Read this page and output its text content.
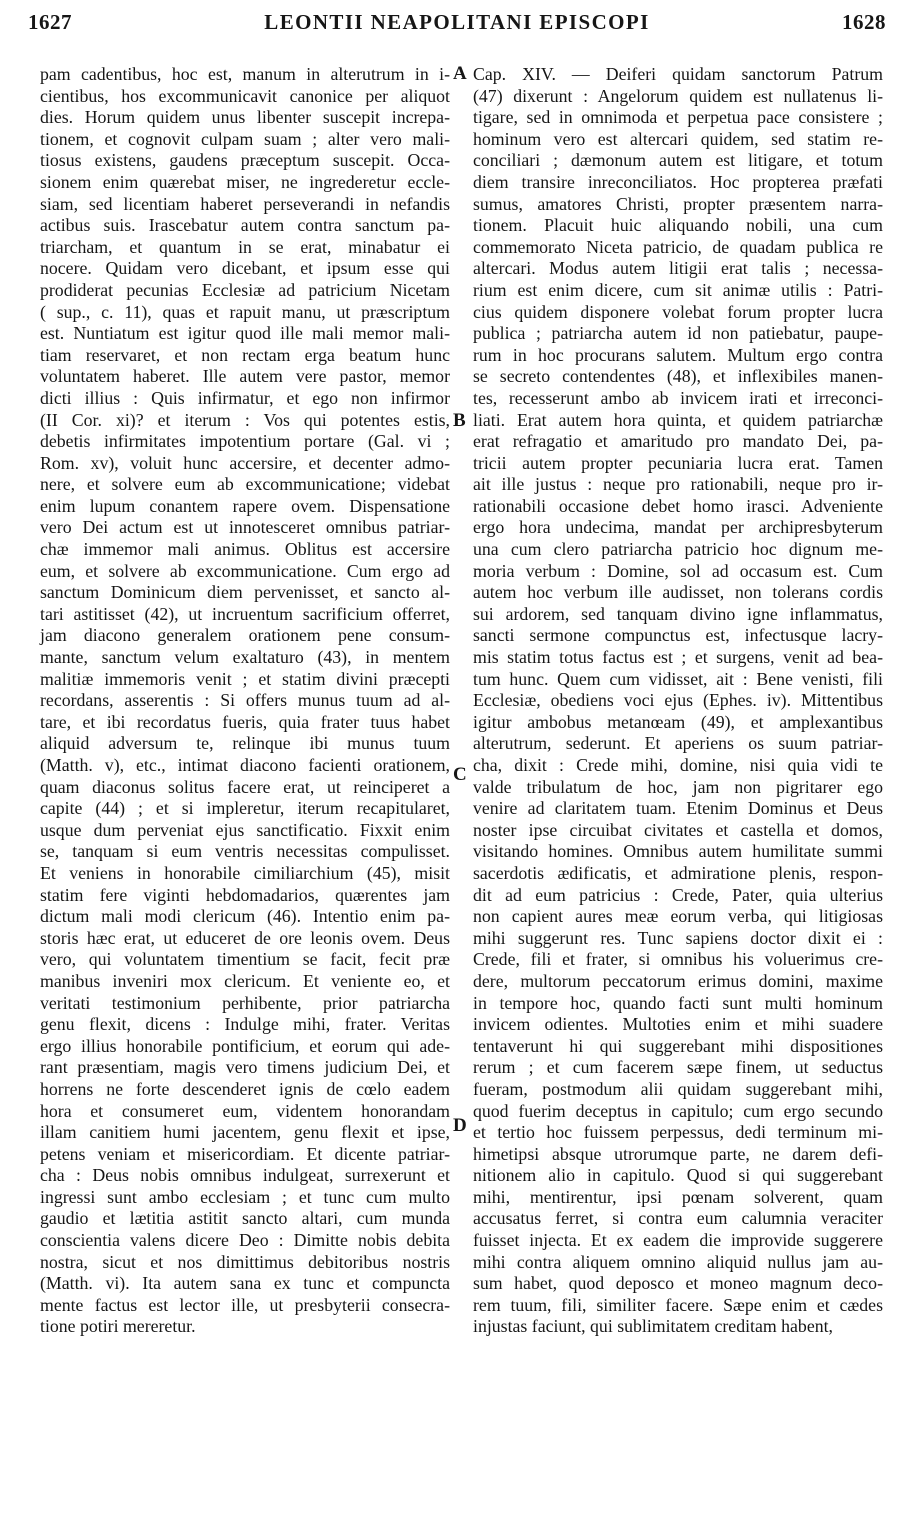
1627	LEONTII NEAPOLITANI EPISCOPI	1628
pam cadentibus, hoc est, manum in alterutrum in i-
cientibus, hos excommunicavit canonice per aliquot
dies. Horum quidem unus libenter suscepit increpa-
tionem, et cognovit culpam suam ; alter vero mali-
tiosus existens, gaudens præceptum suscepit. Occa-
sionem enim quærebat miser, ne ingrederetur eccle-
siam, sed licentiam haberet perseverandi in nefandis
actibus suis. Irascebatur autem contra sanctum pa-
triarcham, et quantum in se erat, minabatur ei
nocere. Quidam vero dicebant, et ipsum esse qui
prodiderat pecunias Ecclesiæ ad patricium Nicetam
( sup., c. 11), quas et rapuit manu, ut præscriptum
est. Nuntiatum est igitur quod ille mali memor mali-
tiam reservaret, et non rectam erga beatum hunc
voluntatem haberet. Ille autem vere pastor, memor
dicti illius : Quis infirmatur, et ego non infirmor
(II Cor. xi)? et iterum : Vos qui potentes estis,
debetis infirmitates impotentium portare (Gal. vi ;
Rom. xv), voluit hunc accersire, et decenter admo-
nere, et solvere eum ab excommunicatione; videbat
enim lupum conantem rapere ovem. Dispensatione
vero Dei actum est ut innotesceret omnibus patriar-
chæ immemor mali animus. Oblitus est accersire
eum, et solvere ab excommunicatione. Cum ergo ad
sanctum Dominicum diem pervenisset, et sancto al-
tari astitisset (42), ut incruentum sacrificium offerret,
jam diacono generalem orationem pene consum-
mante, sanctum velum exaltaturo (43), in mentem
malitiæ immemoris venit ; et statim divini præcepti
recordans, asserentis : Si offers munus tuum ad al-
tare, et ibi recordatus fueris, quia frater tuus habet
aliquid adversum te, relinque ibi munus tuum
(Matth. v), etc., intimat diacono facienti orationem,
quam diaconus solitus facere erat, ut reinciperet a
capite (44) ; et si impleretur, iterum recapitularet,
usque dum perveniat ejus sanctificatio. Fixxit enim
se, tanquam si eum ventris necessitas compulisset.
Et veniens in honorabile cimiliarchium (45), misit
statim fere viginti hebdomadarios, quærentes jam
dictum mali modi clericum (46). Intentio enim pa-
storis hæc erat, ut educeret de ore leonis ovem. Deus
vero, qui voluntatem timentium se facit, fecit præ
manibus inveniri mox clericum. Et veniente eo, et
veritati testimonium perhibente, prior patriarcha
genu flexit, dicens : Indulge mihi, frater. Veritas
ergo illius honorabile pontificium, et eorum qui ade-
rant præsentiam, magis vero timens judicium Dei, et
horrens ne forte descenderet ignis de cœlo eadem
hora et consumeret eum, videntem honorandam
illam canitiem humi jacentem, genu flexit et ipse,
petens veniam et misericordiam. Et dicente patriar-
cha : Deus nobis omnibus indulgeat, surrexerunt et
ingressi sunt ambo ecclesiam ; et tunc cum multo
gaudio et lætitia astitit sancto altari, cum munda
conscientia valens dicere Deo : Dimitte nobis debita
nostra, sicut et nos dimittimus debitoribus nostris
(Matth. vi). Ita autem sana ex tunc et compuncta
mente factus est lector ille, ut presbyterii consecra-
tione potiri mereretur.
Cap. XIV. — Deiferi quidam sanctorum Patrum
(47) dixerunt : Angelorum quidem est nullatenus li-
tigare, sed in omnimoda et perpetua pace consistere ;
hominum vero est altercari quidem, sed statim re-
conciliari ; dæmonum autem est litigare, et totum
diem transire inreconciliatos. Hoc propterea præfati
sumus, amatores Christi, propter præsentem narra-
tionem. Placuit huic aliquando nobili, una cum
commemorato Niceta patricio, de quadam publica re
altercari. Modus autem litigii erat talis ; necessa-
rium est enim dicere, cum sit animæ utilis : Patri-
cius quidem disponere volebat forum propter lucra
publica ; patriarcha autem id non patiebatur, paupe-
rum in hoc procurans salutem. Multum ergo contra
se secreto contendentes (48), et inflexibiles manen-
tes, recesserunt ambo ab invicem irati et irreconci-
liati. Erat autem hora quinta, et quidem patriarchæ
erat refragatio et amaritudo pro mandato Dei, pa-
tricii autem propter pecuniaria lucra erat. Tamen
ait ille justus : neque pro rationabili, neque pro ir-
rationabili occasione debet homo irasci. Adveniente
ergo hora undecima, mandat per archipresbyterum
una cum clero patriarcha patricio hoc dignum me-
moria verbum : Domine, sol ad occasum est. Cum
autem hoc verbum ille audisset, non tolerans cordis
sui ardorem, sed tanquam divino igne inflammatus,
sancti sermone compunctus est, infectusque lacry-
mis statim totus factus est ; et surgens, venit ad bea-
tum hunc. Quem cum vidisset, ait : Bene venisti, fili
Ecclesiæ, obediens voci ejus (Ephes. iv). Mittentibus
igitur ambobus metanœam (49), et amplexantibus
alterutrum, sederunt. Et aperiens os suum patriar-
cha, dixit : Crede mihi, domine, nisi quia vidi te
valde tribulatum de hoc, jam non pigritarer ego
venire ad claritatem tuam. Etenim Dominus et Deus
noster ipse circuibat civitates et castella et domos,
visitando homines. Omnibus autem humilitate summi
sacerdotis ædificatis, et admiratione plenis, respon-
dit ad eum patricius : Crede, Pater, quia ulterius
non capient aures meæ eorum verba, qui litigiosas
mihi suggerunt res. Tunc sapiens doctor dixit ei :
Crede, fili et frater, si omnibus his voluerimus cre-
dere, multorum peccatorum erimus domini, maxime
in tempore hoc, quando facti sunt multi hominum
invicem odientes. Multoties enim et mihi suadere
tentaverunt hi qui suggerebant mihi dispositiones
rerum ; et cum facerem sæpe finem, ut seductus
fueram, postmodum alii quidam suggerebant mihi,
quod fuerim deceptus in capitulo; cum ergo secundo
et tertio hoc fuissem perpessus, dedi terminum mi-
himetipsi absque utrorumque parte, ne darem defi-
nitionem alio in capitulo. Quod si qui suggerebant
mihi, mentirentur, ipsi pœnam solverent, quam
accusatus ferret, si contra eum calumnia veraciter
fuisset injecta. Et ex eadem die improvide suggerere
mihi contra aliquem omnino aliquid nullus jam au-
sum habet, quod deposco et moneo magnum deco-
rem tuum, fili, similiter facere. Sæpe enim et cædes
injustas faciunt, qui sublimitatem creditam habent,
A
B
C
D
